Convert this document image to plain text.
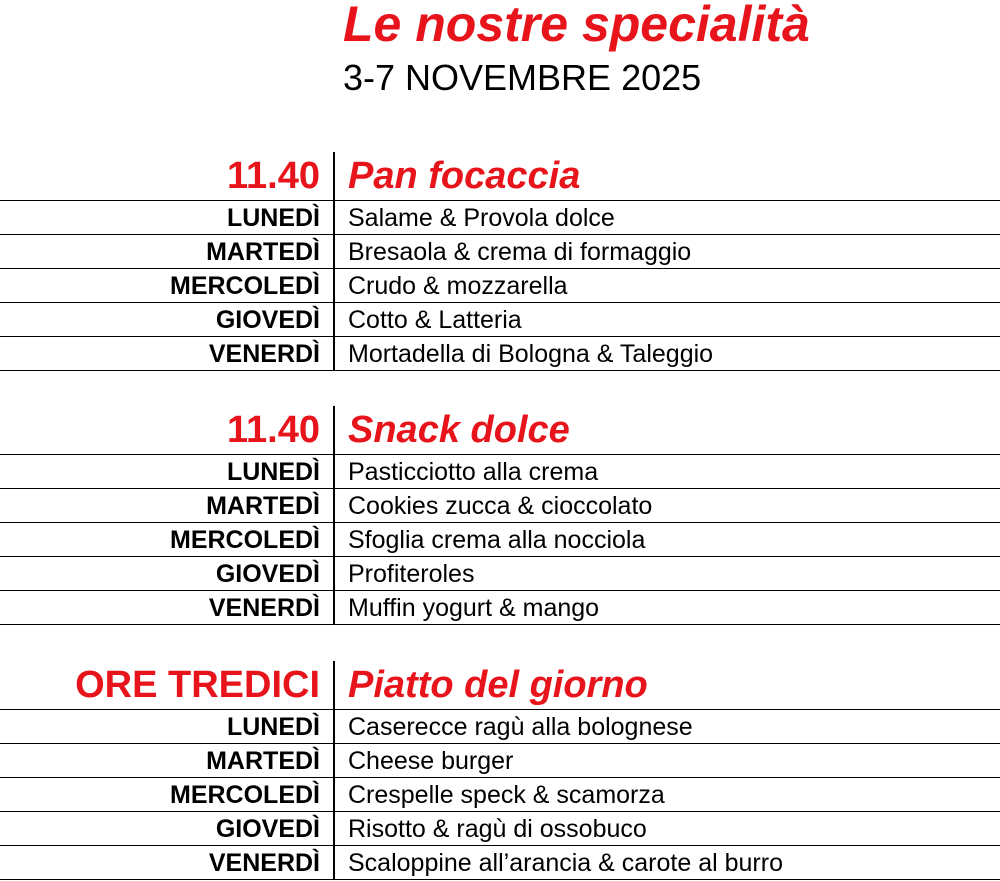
Le nostre specialità
3-7 NOVEMBRE 2025
11.40 Pan focaccia
LUNEDÌ Salame & Provola dolce
MARTEDÌ Bresaola & crema di formaggio
MERCOLEDÌ Crudo & mozzarella
GIOVEDÌ Cotto & Latteria
VENERDÌ Mortadella di Bologna & Taleggio
11.40 Snack dolce
LUNEDÌ Pasticciotto alla crema
MARTEDÌ Cookies zucca & cioccolato
MERCOLEDÌ Sfoglia crema alla nocciola
GIOVEDÌ Profiteroles
VENERDÌ Muffin yogurt & mango
ORE TREDICI Piatto del giorno
LUNEDÌ Caserecce ragù alla bolognese
MARTEDÌ Cheese burger
MERCOLEDÌ Crespelle speck & scamorza
GIOVEDÌ Risotto & ragù di ossobuco
VENERDÌ Scaloppine all’arancia & carote al burro
